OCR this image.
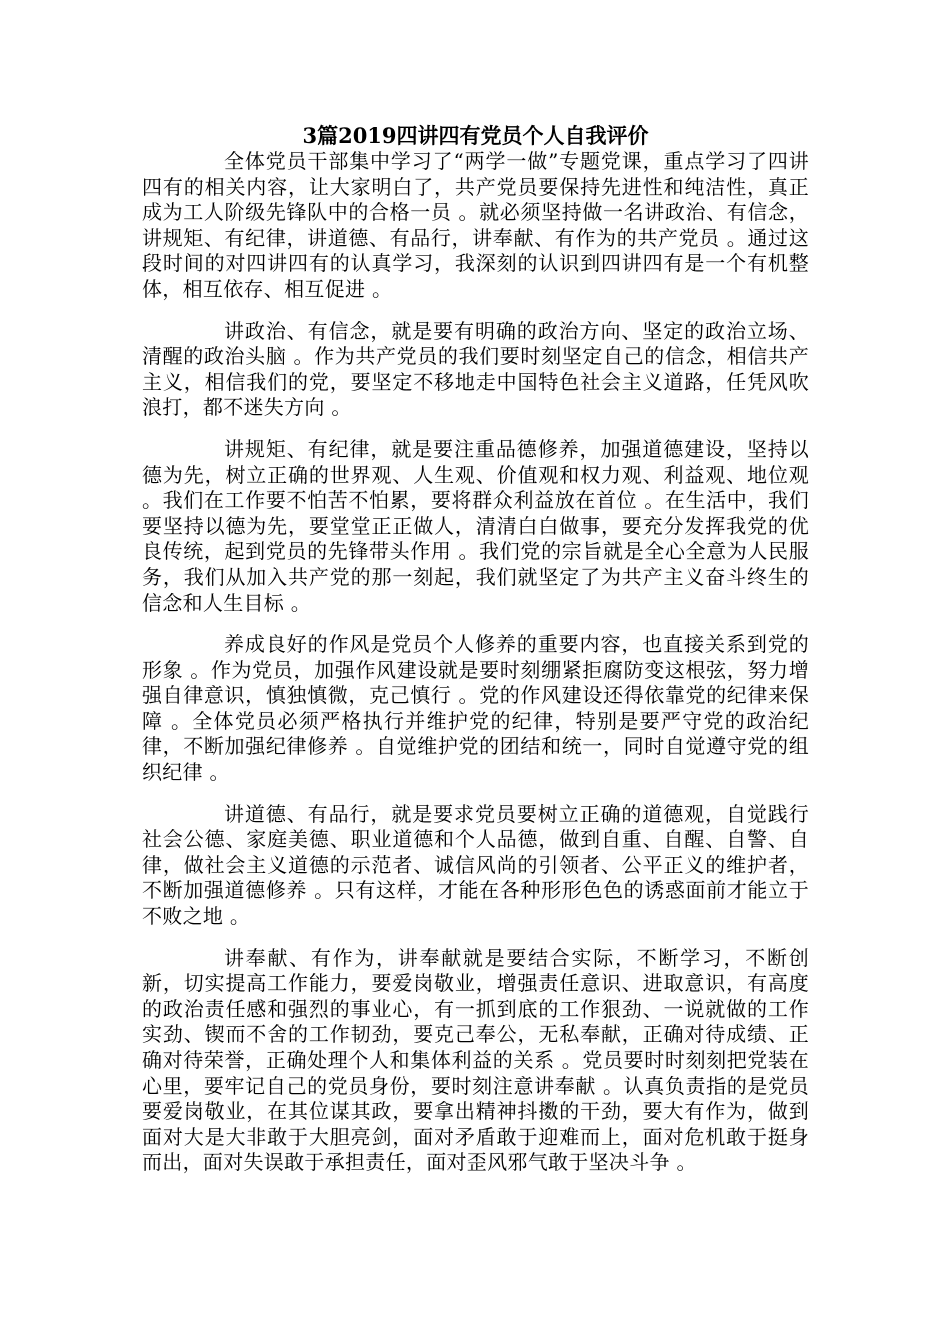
3篇2019四讲四有党员个人自我评价

全体党员干部集中学习了“两学一做”专题党课，重点学习了四讲四有的相关内容，让大家明白了，共产党员要保持先进性和纯洁性，真正成为工人阶级先锋队中的合格一员 。就必须坚持做一名讲政治、有信念，讲规矩、有纪律，讲道德、有品行，讲奉献、有作为的共产党员 。通过这段时间的对四讲四有的认真学习，我深刻的认识到四讲四有是一个有机整体，相互依存、相互促进 。

讲政治、有信念，就是要有明确的政治方向、坚定的政治立场、清醒的政治头脑 。作为共产党员的我们要时刻坚定自己的信念，相信共产主义，相信我们的党，要坚定不移地走中国特色社会主义道路，任凭风吹浪打，都不迷失方向 。

讲规矩、有纪律，就是要注重品德修养，加强道德建设，坚持以德为先，树立正确的世界观、人生观、价值观和权力观、利益观、地位观 。我们在工作要不怕苦不怕累，要将群众利益放在首位 。在生活中，我们要坚持以德为先，要堂堂正正做人，清清白白做事，要充分发挥我党的优良传统，起到党员的先锋带头作用 。我们党的宗旨就是全心全意为人民服务，我们从加入共产党的那一刻起，我们就坚定了为共产主义奋斗终生的信念和人生目标 。

养成良好的作风是党员个人修养的重要内容，也直接关系到党的形象 。作为党员，加强作风建设就是要时刻绷紧拒腐防变这根弦，努力增强自律意识，慎独慎微，克己慎行 。党的作风建设还得依靠党的纪律来保障 。全体党员必须严格执行并维护党的纪律，特别是要严守党的政治纪律，不断加强纪律修养 。自觉维护党的团结和统一，同时自觉遵守党的组织纪律 。

讲道德、有品行，就是要求党员要树立正确的道德观，自觉践行社会公德、家庭美德、职业道德和个人品德，做到自重、自醒、自警、自律，做社会主义道德的示范者、诚信风尚的引领者、公平正义的维护者，不断加强道德修养 。只有这样，才能在各种形形色色的诱惑面前才能立于不败之地 。

讲奉献、有作为，讲奉献就是要结合实际，不断学习，不断创新，切实提高工作能力，要爱岗敬业，增强责任意识、进取意识，有高度的政治责任感和强烈的事业心，有一抓到底的工作狠劲、一说就做的工作实劲、锲而不舍的工作韧劲，要克己奉公，无私奉献，正确对待成绩、正确对待荣誉，正确处理个人和集体利益的关系 。党员要时时刻刻把党装在心里，要牢记自己的党员身份，要时刻注意讲奉献 。认真负责指的是党员要爱岗敬业，在其位谋其政，要拿出精神抖擞的干劲，要大有作为，做到面对大是大非敢于大胆亮剑，面对矛盾敢于迎难而上，面对危机敢于挺身而出，面对失误敢于承担责任，面对歪风邪气敢于坚决斗争 。
